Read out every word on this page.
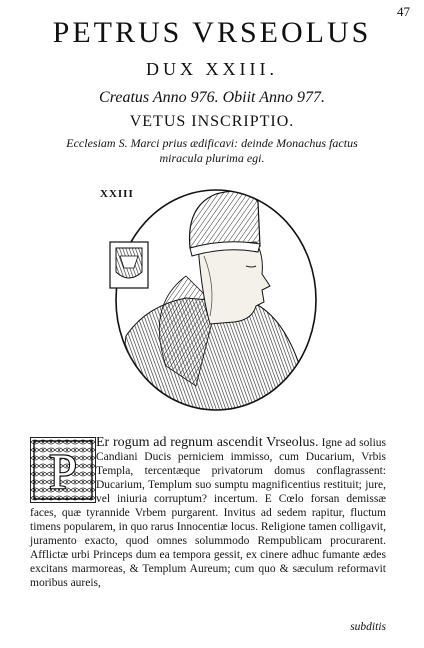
47
PETRUS VRSEOLUS
DUX XXIII.
Creatus Anno 976. Obiit Anno 977.
VETUS INSCRIPTIO.
Ecclesiam S. Marci prius ædificavi: deinde Monachus factus
miracula plurima egi.
XXIII
P

Er rogum ad regnum ascendit Vrseolus. Igne ad solius Candiani Ducis perniciem immisso, cum Ducarium, Vrbis Templa, tercentæque privatorum domus conflagrassent: Ducarium, Templum suo sumptu magnificentius restituit; jure, vel iniuria corruptum? incertum. E Cœlo forsan demissæ faces, quæ tyrannide Vrbem purgarent. Invitus ad sedem rapitur, fluctum timens popularem, in quo rarus Innocentiæ locus. Religione tamen colligavit, juramento exacto, quod omnes solummodo Rempublicam procurarent. Afflictæ urbi Princeps dum ea tempora gessit, ex cinere adhuc fumante ædes excitans marmoreas, & Templum Aureum; cum quo & sæculum reformavit moribus aureis,

subditis
